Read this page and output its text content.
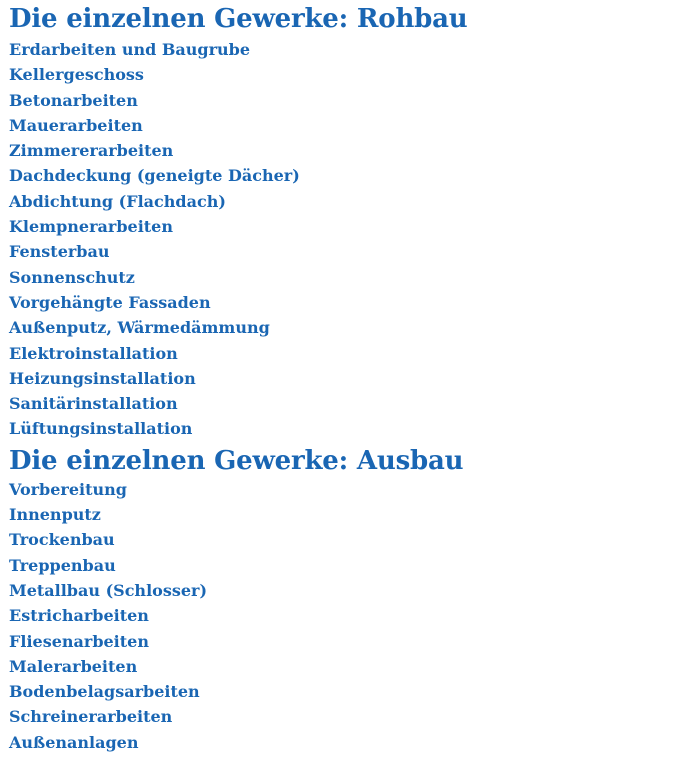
Die einzelnen Gewerke: Rohbau
Erdarbeiten und Baugrube
Kellergeschoss
Betonarbeiten
Mauerarbeiten
Zimmererarbeiten
Dachdeckung (geneigte Dächer)
Abdichtung (Flachdach)
Klempnerarbeiten
Fensterbau
Sonnenschutz
Vorgehängte Fassaden
Außenputz, Wärmedämmung
Elektroinstallation
Heizungsinstallation
Sanitärinstallation
Lüftungsinstallation
Die einzelnen Gewerke: Ausbau
Vorbereitung
Innenputz
Trockenbau
Treppenbau
Metallbau (Schlosser)
Estricharbeiten
Fliesenarbeiten
Malerarbeiten
Bodenbelagsarbeiten
Schreinerarbeiten
Außenanlagen
